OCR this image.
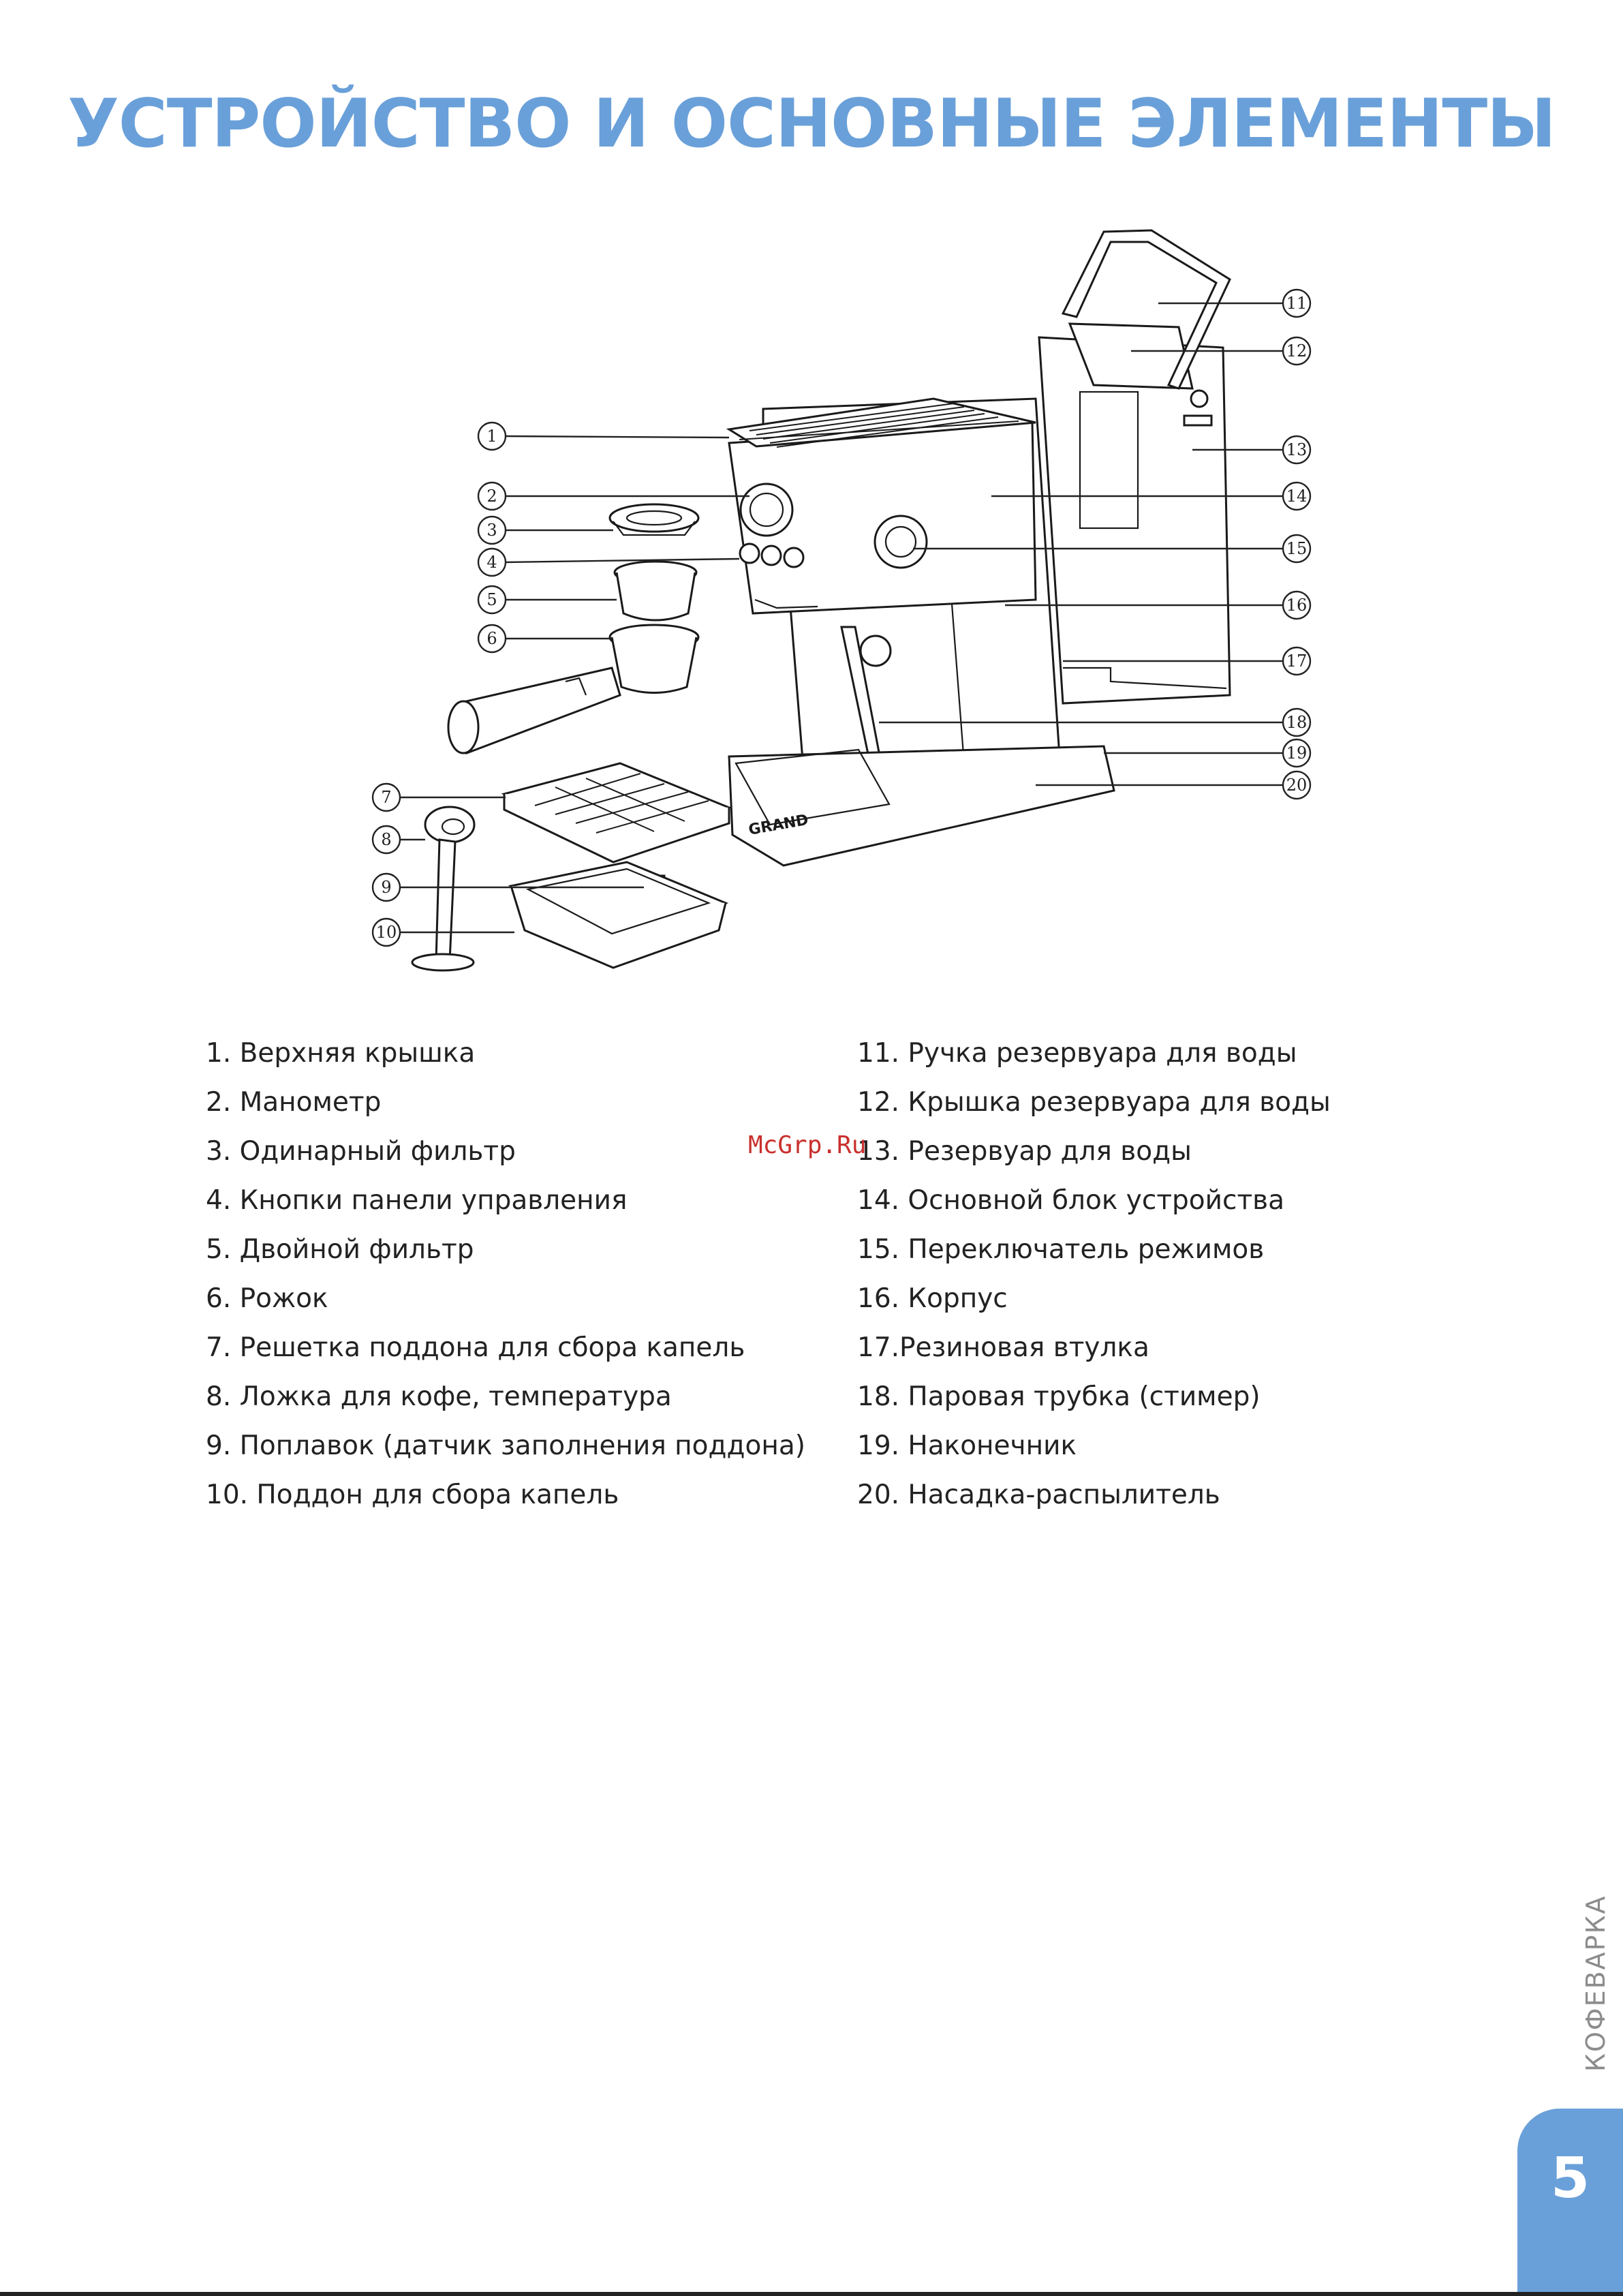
УСТРОЙСТВО И ОСНОВНЫЕ ЭЛЕМЕНТЫ
GRAND
1
2
3
4
5
6
7
8
9
10
11
12
13
14
15
16
17
18
19
20
1. Верхняя крышка
2. Манометр
3. Одинарный фильтр
4. Кнопки панели управления
5. Двойной фильтр
6. Рожок
7. Решетка поддона для сбора капель
8. Ложка для кофе, температура
9. Поплавок (датчик заполнения поддона)
10. Поддон для сбора капель
11. Ручка резервуара для воды
12. Крышка резервуара для воды
13. Резервуар для воды
14. Основной блок устройства
15. Переключатель режимов
16. Корпус
17.Резиновая втулка
18. Паровая трубка (стимер)
19. Наконечник
20. Насадка-распылитель
McGrp.Ru
КОФЕВАРКА
5
